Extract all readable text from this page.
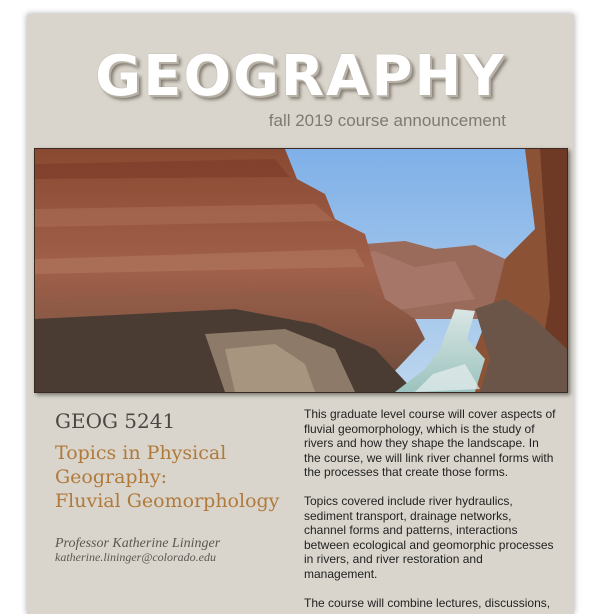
GEOGRAPHY
fall 2019 course announcement
GEOG 5241
Topics in Physical
Geography:
Fluvial Geomorphology
Professor Katherine Lininger
katherine.lininger@colorado.edu

This graduate level course will cover aspects of fluvial geomorphology, which is the study of rivers and how they shape the landscape. In the course, we will link river channel forms with the processes that create those forms.

Topics covered include river hydraulics, sediment transport, drainage networks, channel forms and patterns, interactions between ecological and geomorphic processes in rivers, and river restoration and management.

The course will combine lectures, discussions,
